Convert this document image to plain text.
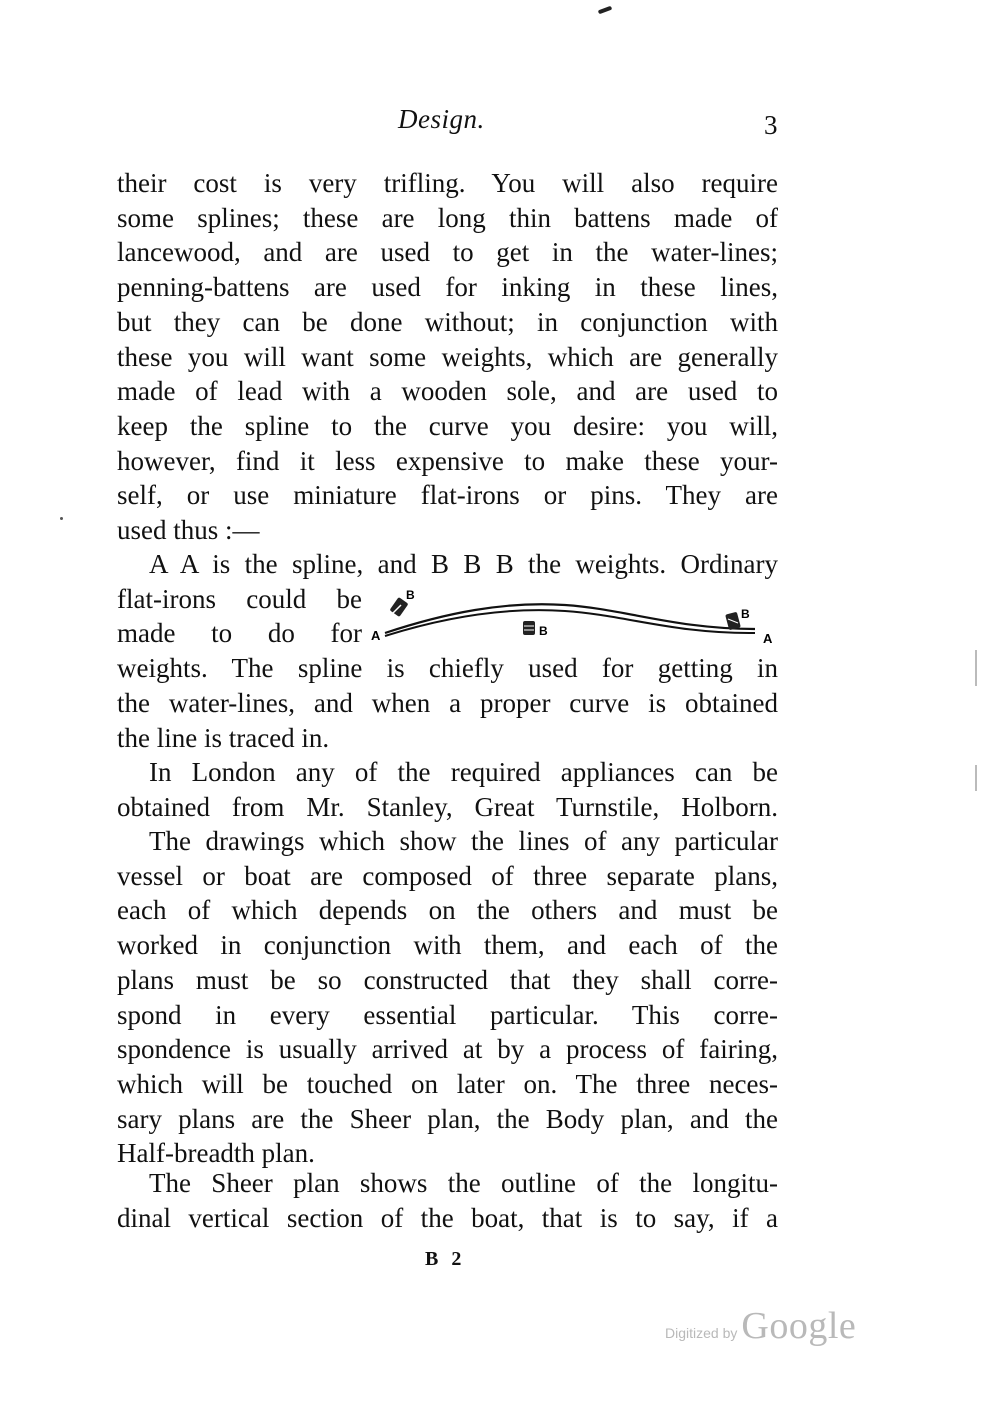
Design.	3
their cost is very trifling. You will also require
some splines; these are long thin battens made of
lancewood, and are used to get in the water-lines;
penning-battens are used for inking in these lines,
but they can be done without; in conjunction with
these you will want some weights, which are generally
made of lead with a wooden sole, and are used to
keep the spline to the curve you desire: you will,
however, find it less expensive to make these your-
self, or use miniature flat-irons or pins. They are
used thus :—
A A is the spline, and B B B the weights. Ordinary
flat-irons could be
made to do for
weights. The spline is chiefly used for getting in
the water-lines, and when a proper curve is obtained
the line is traced in.
A	A
B
B
B
In London any of the required appliances can be
obtained from Mr. Stanley, Great Turnstile, Holborn.
The drawings which show the lines of any particular
vessel or boat are composed of three separate plans,
each of which depends on the others and must be
worked in conjunction with them, and each of the
plans must be so constructed that they shall corre-
spond in every essential particular. This corre-
spondence is usually arrived at by a process of fairing,
which will be touched on later on. The three neces-
sary plans are the Sheer plan, the Body plan, and the
Half-breadth plan.
The Sheer plan shows the outline of the longitu-
dinal vertical section of the boat, that is to say, if a
B 2
Digitized by Google
